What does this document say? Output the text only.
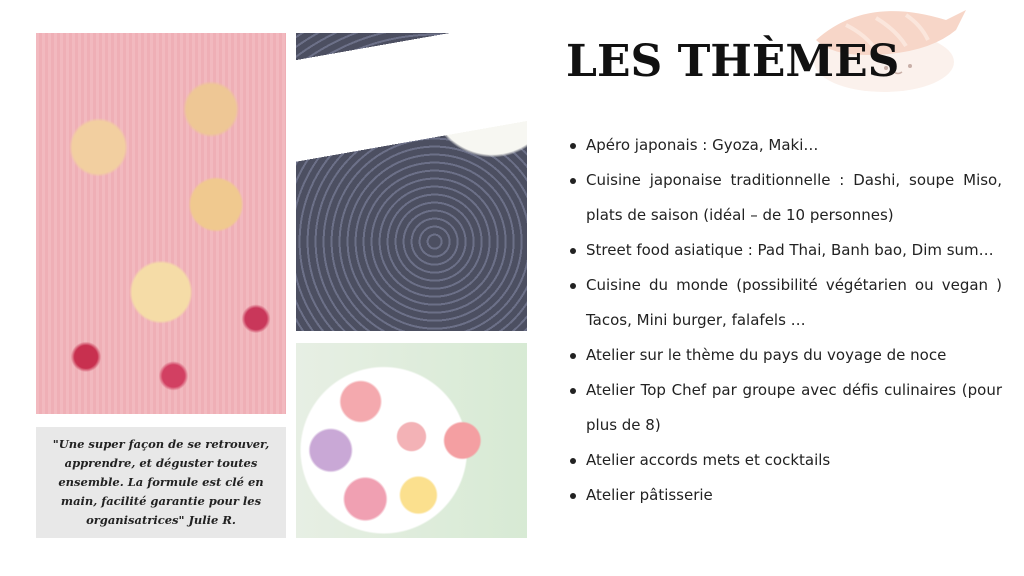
"Une super façon de se retrouver, apprendre, et déguster toutes ensemble. La formule est clé en main, facilité garantie pour les organisatrices" Julie R.

LES THÈMES
Apéro japonais : Gyoza, Maki…
Cuisine japonaise traditionnelle : Dashi, soupe Miso, plats de saison (idéal – de 10 personnes)
Street food asiatique : Pad Thai, Banh bao, Dim sum…
Cuisine du monde (possibilité végétarien ou vegan ) Tacos, Mini burger, falafels …
Atelier sur le thème du pays du voyage de noce
Atelier Top Chef par groupe avec défis culinaires (pour plus de 8)
Atelier accords mets et cocktails
Atelier pâtisserie
